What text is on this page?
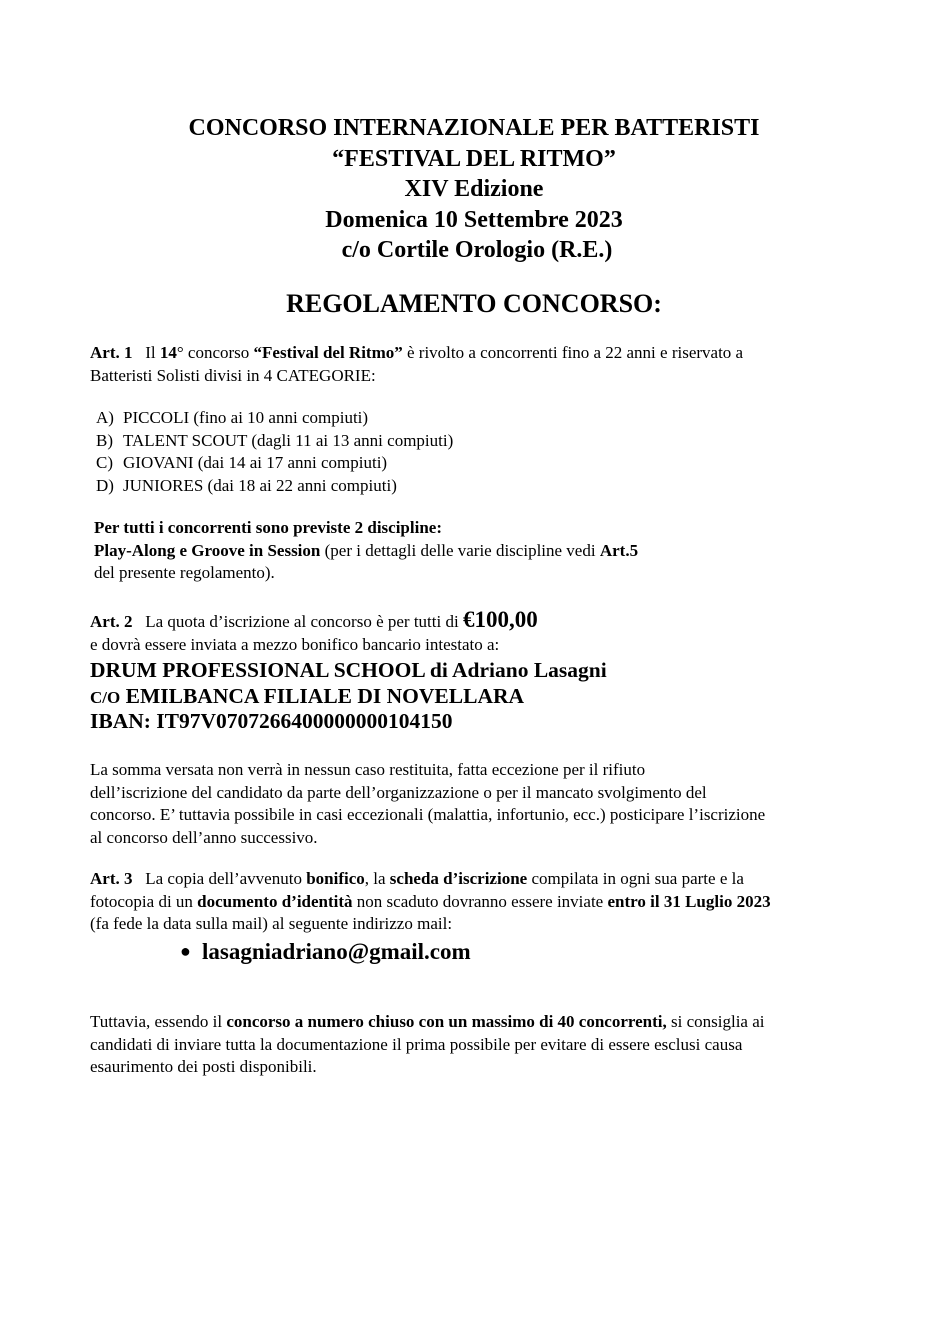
CONCORSO INTERNAZIONALE PER BATTERISTI
“FESTIVAL DEL RITMO”
XIV Edizione
Domenica 10 Settembre 2023
c/o Cortile Orologio (R.E.)
REGOLAMENTO CONCORSO:
Art. 1 Il 14° concorso “Festival del Ritmo” è rivolto a concorrenti fino a 22 anni e riservato a
Batteristi Solisti divisi in 4 CATEGORIE:
A) PICCOLI (fino ai 10 anni compiuti)
B) TALENT SCOUT (dagli 11 ai 13 anni compiuti)
C) GIOVANI (dai 14 ai 17 anni compiuti)
D) JUNIORES (dai 18 ai 22 anni compiuti)
Per tutti i concorrenti sono previste 2 discipline:
Play-Along e Groove in Session (per i dettagli delle varie discipline vedi Art.5
del presente regolamento).
Art. 2 La quota d’iscrizione al concorso è per tutti di €100,00
e dovrà essere inviata a mezzo bonifico bancario intestato a:
DRUM PROFESSIONAL SCHOOL di Adriano Lasagni
C/O EMILBANCA FILIALE DI NOVELLARA
IBAN: IT97V0707266400000000104150
La somma versata non verrà in nessun caso restituita, fatta eccezione per il rifiuto
dell’iscrizione del candidato da parte dell’organizzazione o per il mancato svolgimento del
concorso. E’ tuttavia possibile in casi eccezionali (malattia, infortunio, ecc.) posticipare l’iscrizione
al concorso dell’anno successivo.
Art. 3 La copia dell’avvenuto bonifico, la scheda d’iscrizione compilata in ogni sua parte e la
fotocopia di un documento d’identità non scaduto dovranno essere inviate entro il 31 Luglio 2023
(fa fede la data sulla mail) al seguente indirizzo mail:
● lasagniadriano@gmail.com
Tuttavia, essendo il concorso a numero chiuso con un massimo di 40 concorrenti, si consiglia ai
candidati di inviare tutta la documentazione il prima possibile per evitare di essere esclusi causa
esaurimento dei posti disponibili.
